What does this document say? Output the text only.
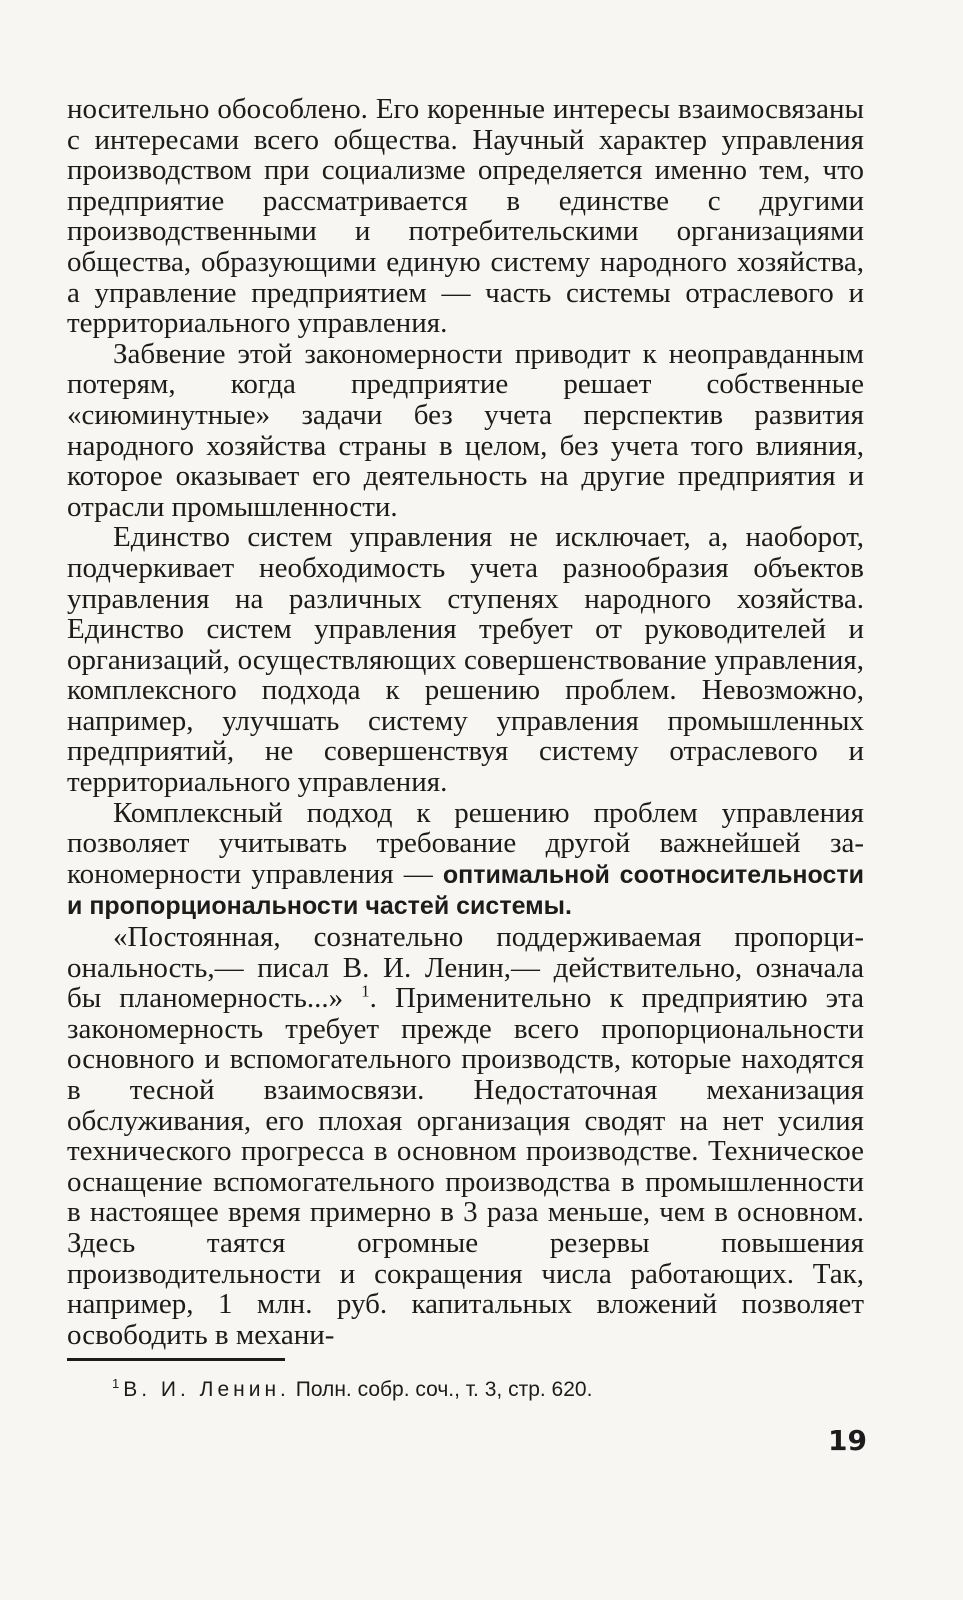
носительно обособлено. Его коренные интересы взаимосвязаны с интересами всего общества. Научный характер управления производством при социализме определяется именно тем, что предприятие рассматривается в единстве с другими производственными и потребительскими организациями общества, образующими единую систему народного хозяйства, а управление предприятием — часть системы отраслевого и территориального управления.

Забвение этой закономерности приводит к неоправданным потерям, когда предприятие решает собственные «сиюминутные» задачи без учета перспектив развития народного хозяйства страны в целом, без учета того влияния, которое оказывает его деятельность на другие предприятия и отрасли промышленности.

Единство систем управления не исключает, а, наоборот, подчеркивает необходимость учета разнообразия объектов управления на различных ступенях народного хозяйства. Единство систем управления требует от руководителей и организаций, осуществляющих совершенствование управления, комплексного подхода к решению проблем. Невозможно, например, улучшать систему управления промышленных предприятий, не совершенствуя систему отраслевого и территориального управления.

Комплексный подход к решению проблем управления позволяет учитывать требование другой важнейшей закономерности управления — оптимальной соотносительности и пропорциональности частей системы.

«Постоянная, сознательно поддерживаемая пропорциональность,— писал В. И. Ленин,— действительно, означала бы планомерность...» $^1$. Применительно к предприятию эта закономерность требует прежде всего пропорциональности основного и вспомогательного производств, которые находятся в тесной взаимосвязи. Недостаточная механизация обслуживания, его плохая организация сводят на нет усилия технического прогресса в основном производстве. Техническое оснащение вспомогательного производства в промышленности в настоящее время примерно в 3 раза меньше, чем в основном. Здесь таятся огромные резервы повышения производительности и сокращения числа работающих. Так, например, 1 млн. руб. капитальных вложений позволяет освободить в механи-

$^1$ В. И. Ленин. Полн. собр. соч., т. 3, стр. 620.
19
